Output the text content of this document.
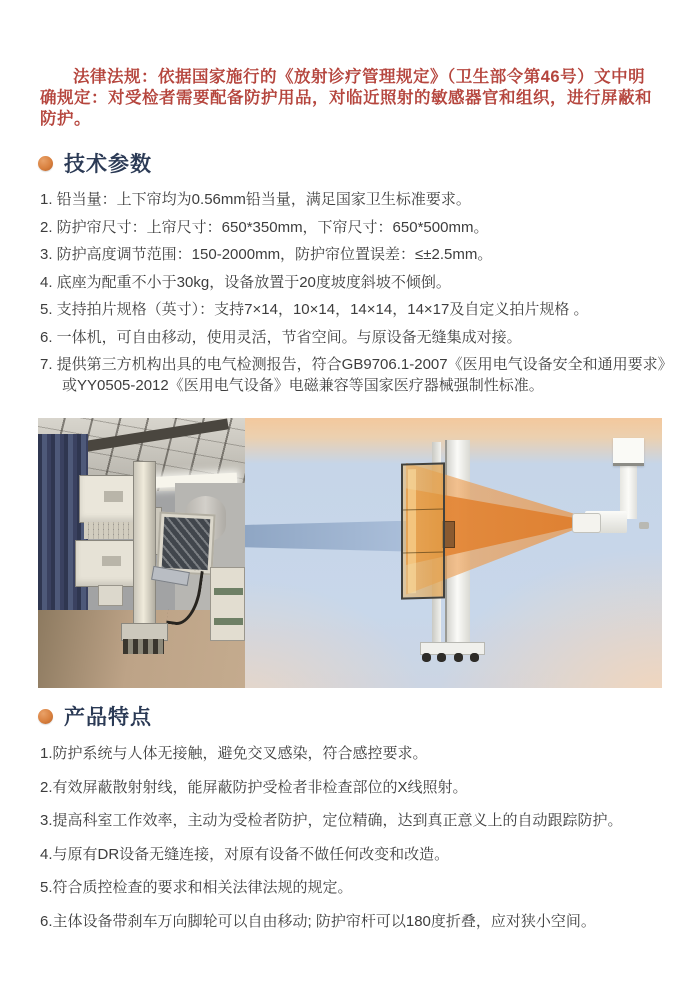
法律法规：依据国家施行的《放射诊疗管理规定》（卫生部令第46号）文中明确规定：对受检者需要配备防护用品，对临近照射的敏感器官和组织，进行屏蔽和防护。

技术参数
1. 铅当量：上下帘均为0.56mm铅当量，满足国家卫生标准要求。
2. 防护帘尺寸：上帘尺寸：650*350mm，下帘尺寸：650*500mm。
3. 防护高度调节范围：150-2000mm，防护帘位置误差：≤±2.5mm。
4. 底座为配重不小于30kg，设备放置于20度坡度斜坡不倾倒。
5. 支持拍片规格（英寸）：支持7×14，10×14，14×14，14×17及自定义拍片规格 。
6. 一体机，可自由移动，使用灵活，节省空间。与原设备无缝集成对接。
7. 提供第三方机构出具的电气检测报告，符合GB9706.1-2007《医用电气设备安全和通用要求》或YY0505-2012《医用电气设备》电磁兼容等国家医疗器械强制性标准。
产品特点
1.防护系统与人体无接触，避免交叉感染，符合感控要求。
2.有效屏蔽散射射线，能屏蔽防护受检者非检查部位的X线照射。
3.提高科室工作效率，主动为受检者防护，定位精确，达到真正意义上的自动跟踪防护。
4.与原有DR设备无缝连接，对原有设备不做任何改变和改造。
5.符合质控检查的要求和相关法律法规的规定。
6.主体设备带刹车万向脚轮可以自由移动; 防护帘杆可以180度折叠，应对狭小空间。
